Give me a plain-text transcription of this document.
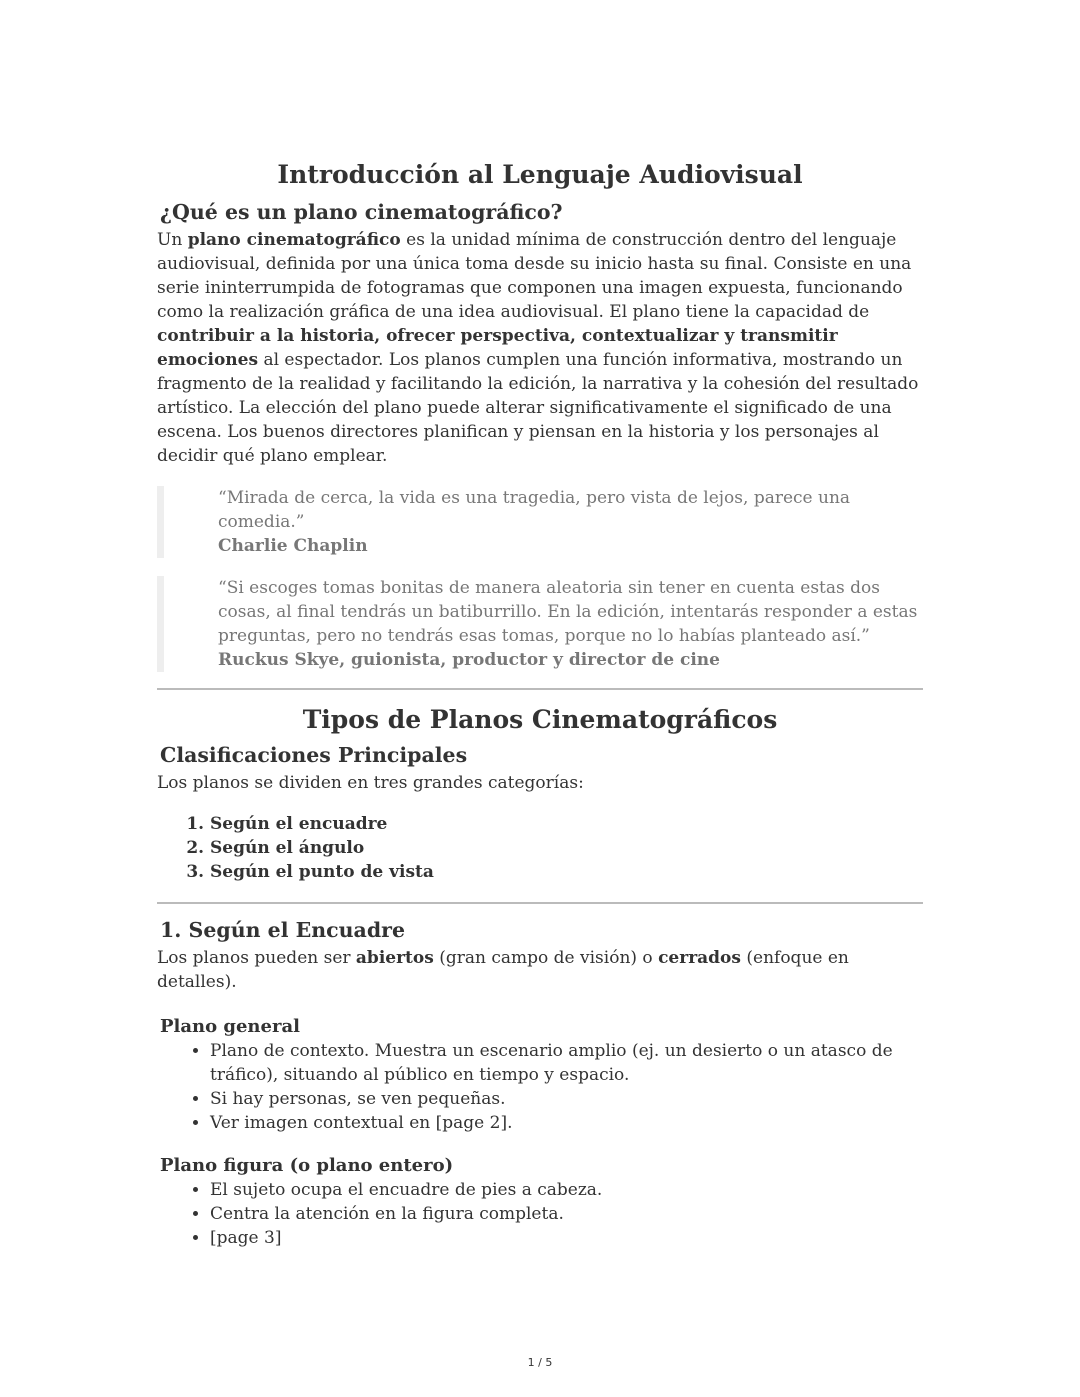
Introducción al Lenguaje Audiovisual
¿Qué es un plano cinematográfico?

Un plano cinematográfico es la unidad mínima de construcción dentro del lenguaje audiovisual, definida por una única toma desde su inicio hasta su final. Consiste en una serie ininterrumpida de fotogramas que componen una imagen expuesta, funcionando como la realización gráfica de una idea audiovisual. El plano tiene la capacidad de contribuir a la historia, ofrecer perspectiva, contextualizar y transmitir emociones al espectador. Los planos cumplen una función informativa, mostrando un fragmento de la realidad y facilitando la edición, la narrativa y la cohesión del resultado artístico. La elección del plano puede alterar significativamente el significado de una escena. Los buenos directores planifican y piensan en la historia y los personajes al decidir qué plano emplear.

“Mirada de cerca, la vida es una tragedia, pero vista de lejos, parece una comedia.”
Charlie Chaplin
“Si escoges tomas bonitas de manera aleatoria sin tener en cuenta estas dos cosas, al final tendrás un batiburrillo. En la edición, intentarás responder a estas preguntas, pero no tendrás esas tomas, porque no lo habías planteado así.”
Ruckus Skye, guionista, productor y director de cine
Tipos de Planos Cinematográficos
Clasificaciones Principales

Los planos se dividen en tres grandes categorías:

1. Según el encuadre
2. Según el ángulo
3. Según el punto de vista
1. Según el Encuadre

Los planos pueden ser abiertos (gran campo de visión) o cerrados (enfoque en detalles).

Plano general
• Plano de contexto. Muestra un escenario amplio (ej. un desierto o un atasco de tráfico), situando al público en tiempo y espacio.
• Si hay personas, se ven pequeñas.
• Ver imagen contextual en [page 2].
Plano figura (o plano entero)
• El sujeto ocupa el encuadre de pies a cabeza.
• Centra la atención en la figura completa.
• [page 3]
1 / 5
